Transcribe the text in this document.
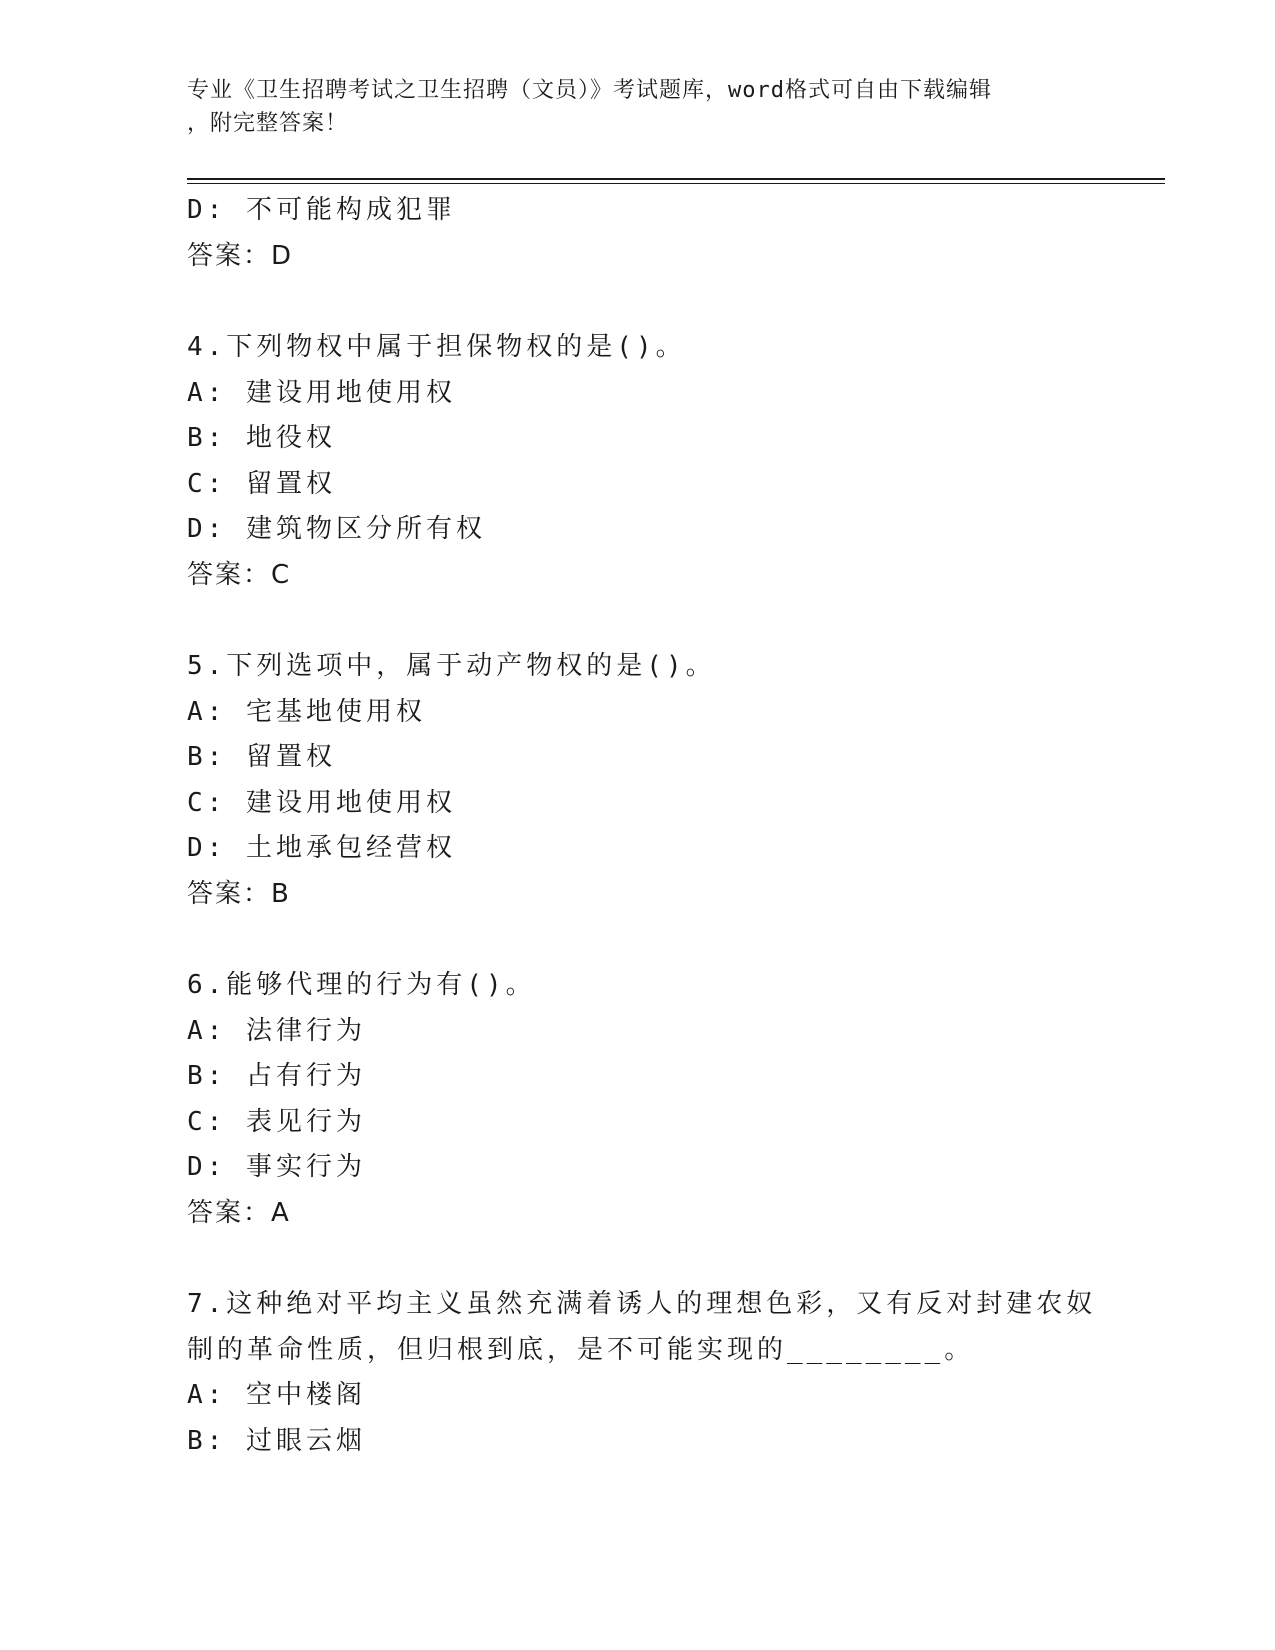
专业《卫生招聘考试之卫生招聘（文员）》考试题库，word格式可自由下载编辑
，附完整答案！
D: 不可能构成犯罪
答案：D
4.下列物权中属于担保物权的是()。
A: 建设用地使用权
B: 地役权
C: 留置权
D: 建筑物区分所有权
答案：C
5.下列选项中，属于动产物权的是()。
A: 宅基地使用权
B: 留置权
C: 建设用地使用权
D: 土地承包经营权
答案：B
6.能够代理的行为有()。
A: 法律行为
B: 占有行为
C: 表见行为
D: 事实行为
答案：A
7.这种绝对平均主义虽然充满着诱人的理想色彩，又有反对封建农奴
制的革命性质，但归根到底，是不可能实现的________。
A: 空中楼阁
B: 过眼云烟
